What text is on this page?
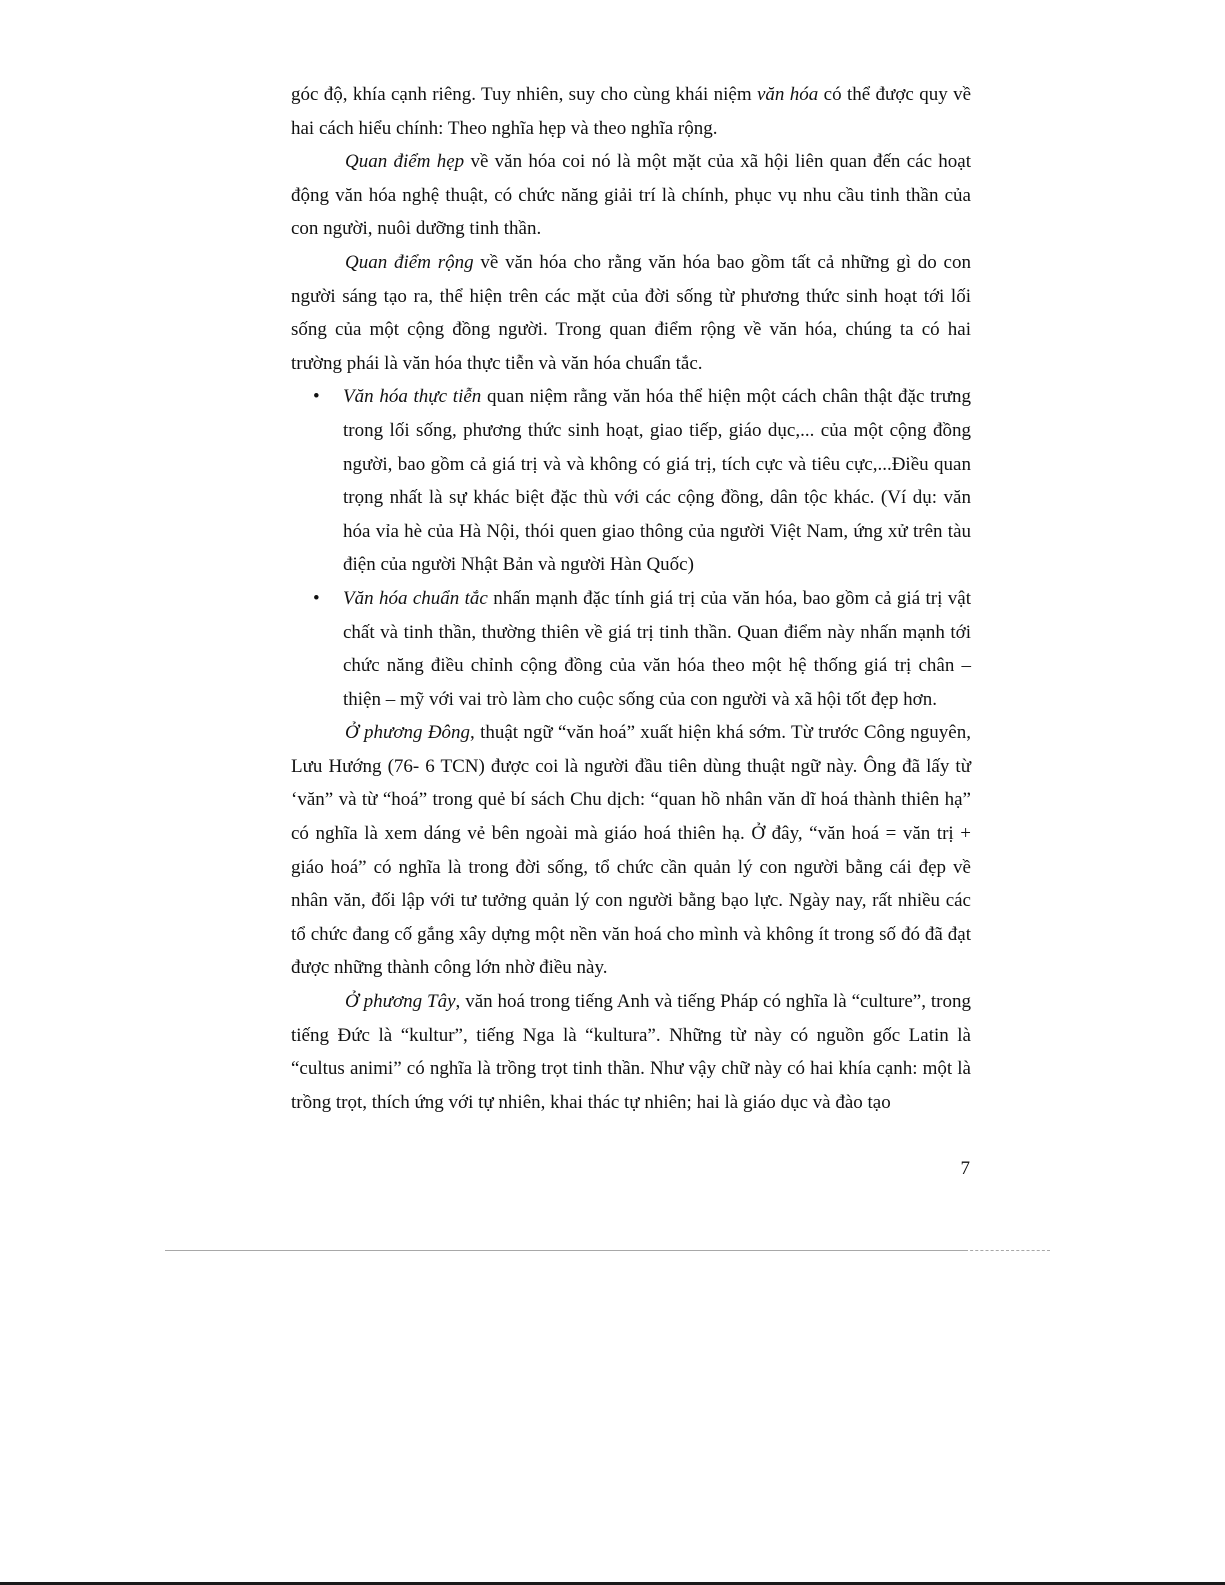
góc độ, khía cạnh riêng. Tuy nhiên, suy cho cùng khái niệm văn hóa có thể được quy về hai cách hiểu chính: Theo nghĩa hẹp và theo nghĩa rộng.

Quan điểm hẹp về văn hóa coi nó là một mặt của xã hội liên quan đến các hoạt động văn hóa nghệ thuật, có chức năng giải trí là chính, phục vụ nhu cầu tinh thần của con người, nuôi dưỡng tinh thần.

Quan điểm rộng về văn hóa cho rằng văn hóa bao gồm tất cả những gì do con người sáng tạo ra, thể hiện trên các mặt của đời sống từ phương thức sinh hoạt tới lối sống của một cộng đồng người. Trong quan điểm rộng về văn hóa, chúng ta có hai trường phái là văn hóa thực tiễn và văn hóa chuẩn tắc.

• Văn hóa thực tiễn quan niệm rằng văn hóa thể hiện một cách chân thật đặc trưng trong lối sống, phương thức sinh hoạt, giao tiếp, giáo dục,... của một cộng đồng người, bao gồm cả giá trị và và không có giá trị, tích cực và tiêu cực,...Điều quan trọng nhất là sự khác biệt đặc thù với các cộng đồng, dân tộc khác. (Ví dụ: văn hóa vỉa hè của Hà Nội, thói quen giao thông của người Việt Nam, ứng xử trên tàu điện của người Nhật Bản và người Hàn Quốc)
• Văn hóa chuẩn tắc nhấn mạnh đặc tính giá trị của văn hóa, bao gồm cả giá trị vật chất và tinh thần, thường thiên về giá trị tinh thần. Quan điểm này nhấn mạnh tới chức năng điều chỉnh cộng đồng của văn hóa theo một hệ thống giá trị chân – thiện – mỹ với vai trò làm cho cuộc sống của con người và xã hội tốt đẹp hơn.

Ở phương Đông, thuật ngữ “văn hoá” xuất hiện khá sớm. Từ trước Công nguyên, Lưu Hướng (76- 6 TCN) được coi là người đầu tiên dùng thuật ngữ này. Ông đã lấy từ ‘văn” và từ “hoá” trong quẻ bí sách Chu dịch: “quan hồ nhân văn dĩ hoá thành thiên hạ” có nghĩa là xem dáng vẻ bên ngoài mà giáo hoá thiên hạ. Ở đây, “văn hoá = văn trị + giáo hoá” có nghĩa là trong đời sống, tổ chức cần quản lý con người bằng cái đẹp về nhân văn, đối lập với tư tưởng quản lý con người bằng bạo lực. Ngày nay, rất nhiều các tổ chức đang cố gắng xây dựng một nền văn hoá cho mình và không ít trong số đó đã đạt được những thành công lớn nhờ điều này.

Ở phương Tây, văn hoá trong tiếng Anh và tiếng Pháp có nghĩa là “culture”, trong tiếng Đức là “kultur”, tiếng Nga là “kultura”. Những từ này có nguồn gốc Latin là “cultus animi” có nghĩa là trồng trọt tinh thần. Như vậy chữ này có hai khía cạnh: một là trồng trọt, thích ứng với tự nhiên, khai thác tự nhiên; hai là giáo dục và đào tạo

7
